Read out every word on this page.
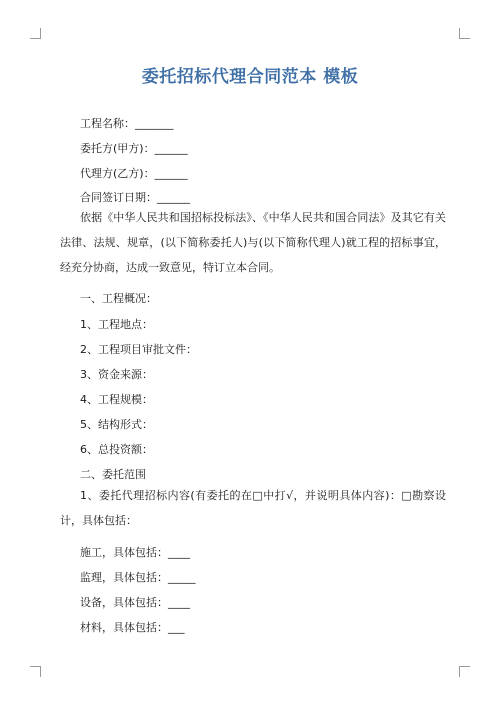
委托招标代理合同范本 模板
工程名称：_______
委托方(甲方)：______
代理方(乙方)：______
合同签订日期：______
依据《中华人民共和国招标投标法》、《中华人民共和国合同法》及其它有关法律、法规、规章，(以下简称委托人)与(以下简称代理人)就工程的招标事宜，经充分协商，达成一致意见，特订立本合同。
一、工程概况：
1、工程地点：
2、工程项目审批文件：
3、资金来源：
4、工程规模：
5、结构形式：
6、总投资额：
二、委托范围
1、委托代理招标内容(有委托的在□中打√，并说明具体内容)：□勘察设计，具体包括：
施工，具体包括：____
监理，具体包括：_____
设备，具体包括：____
材料，具体包括：___
